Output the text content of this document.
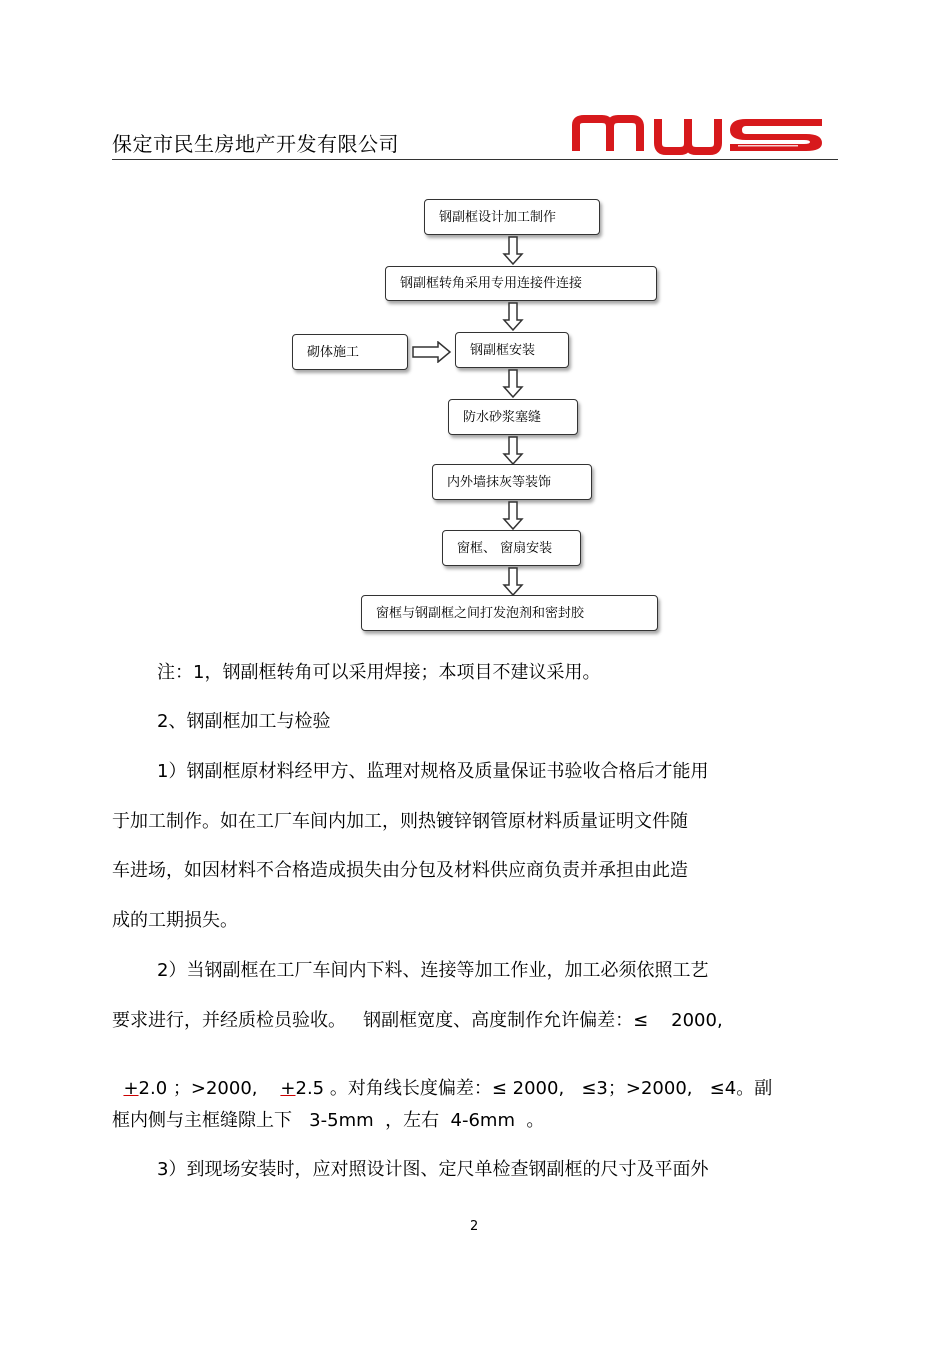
保定市民生房地产开发有限公司
钢副框设计加工制作
钢副框转角采用专用连接件连接
砌体施工	钢副框安装
防水砂浆塞缝
内外墙抹灰等装饰
窗框、 窗扇安装
窗框与钢副框之间打发泡剂和密封胶
注：1，钢副框转角可以采用焊接；本项目不建议采用。
2、钢副框加工与检验
1）钢副框原材料经甲方、监理对规格及质量保证书验收合格后才能用
于加工制作。如在工厂车间内加工，则热镀锌钢管原材料质量证明文件随
车进场，如因材料不合格造成损失由分包及材料供应商负责并承担由此造
成的工期损失。
2）当钢副框在工厂车间内下料、连接等加工作业，加工必须依照工艺
要求进行，并经质检员验收。   钢副框宽度、高度制作允许偏差：≤    2000,

+2.0 ；>2000,    +2.5 。对角线长度偏差：≤ 2000,   ≤3；>2000,   ≤4。副

框内侧与主框缝隙上下   3-5mm  ，左右  4-6mm  。
3）到现场安装时，应对照设计图、定尺单检查钢副框的尺寸及平面外
2
